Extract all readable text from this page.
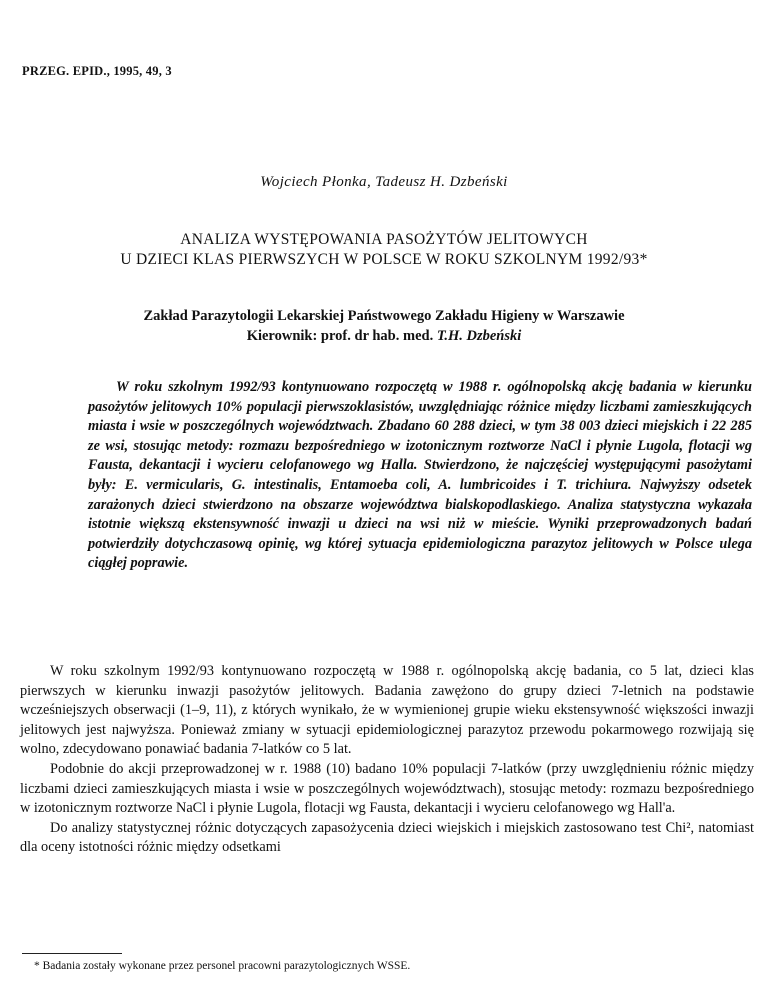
PRZEG. EPID., 1995, 49, 3
Wojciech Płonka, Tadeusz H. Dzbeński
ANALIZA WYSTĘPOWANIA PASOŻYTÓW JELITOWYCH
U DZIECI KLAS PIERWSZYCH W POLSCE W ROKU SZKOLNYM 1992/93*
Zakład Parazytologii Lekarskiej Państwowego Zakładu Higieny w Warszawie
Kierownik: prof. dr hab. med. T.H. Dzbeński
W roku szkolnym 1992/93 kontynuowano rozpoczętą w 1988 r. ogólnopolską akcję badania w kierunku pasożytów jelitowych 10% populacji pierwszoklasistów, uwzględniając różnice między liczbami zamieszkujących miasta i wsie w poszczególnych województwach. Zbadano 60 288 dzieci, w tym 38 003 dzieci miejskich i 22 285 ze wsi, stosując metody: rozmazu bezpośredniego w izotonicznym roztworze NaCl i płynie Lugola, flotacji wg Fausta, dekantacji i wycieru celofanowego wg Halla. Stwierdzono, że najczęściej występującymi pasożytami były: E. vermicularis, G. intestinalis, Entamoeba coli, A. lumbricoides i T. trichiura. Najwyższy odsetek zarażonych dzieci stwierdzono na obszarze województwa bialskopodlaskiego. Analiza statystyczna wykazała istotnie większą ekstensywność inwazji u dzieci na wsi niż w mieście. Wyniki przeprowadzonych badań potwierdziły dotychczasową opinię, wg której sytuacja epidemiologiczna parazytoz jelitowych w Polsce ulega ciągłej poprawie.

W roku szkolnym 1992/93 kontynuowano rozpoczętą w 1988 r. ogólnopolską akcję badania, co 5 lat, dzieci klas pierwszych w kierunku inwazji pasożytów jelitowych. Badania zawężono do grupy dzieci 7-letnich na podstawie wcześniejszych obserwacji (1–9, 11), z których wynikało, że w wymienionej grupie wieku ekstensywność większości inwazji jelitowych jest najwyższa. Ponieważ zmiany w sytuacji epidemiologicznej parazytoz przewodu pokarmowego rozwijają się wolno, zdecydowano ponawiać badania 7-latków co 5 lat.

Podobnie do akcji przeprowadzonej w r. 1988 (10) badano 10% populacji 7-latków (przy uwzględnieniu różnic między liczbami dzieci zamieszkujących miasta i wsie w poszczególnych województwach), stosując metody: rozmazu bezpośredniego w izotonicznym roztworze NaCl i płynie Lugola, flotacji wg Fausta, dekantacji i wycieru celofanowego wg Hall'a.

Do analizy statystycznej różnic dotyczących zapasożycenia dzieci wiejskich i miejskich zastosowano test Chi², natomiast dla oceny istotności różnic między odsetkami

* Badania zostały wykonane przez personel pracowni parazytologicznych WSSE.
